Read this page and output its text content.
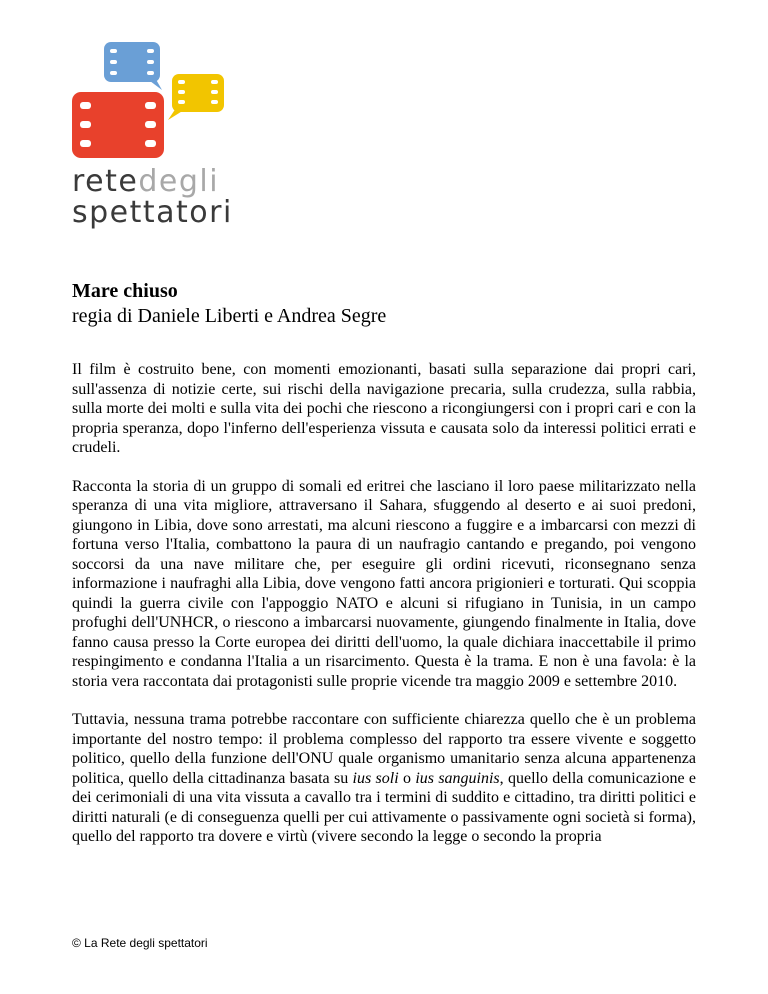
retedegli
spettatori
Mare chiuso
regia di Daniele Liberti e Andrea Segre

Il film è costruito bene, con momenti emozionanti, basati sulla separazione dai propri cari, sull'assenza di notizie certe, sui rischi della navigazione precaria, sulla crudezza, sulla rabbia, sulla morte dei molti e sulla vita dei pochi che riescono a ricongiungersi con i propri cari e con la propria speranza, dopo l'inferno dell'esperienza vissuta e causata solo da interessi politici errati e crudeli.

Racconta la storia di un gruppo di somali ed eritrei che lasciano il loro paese militarizzato nella speranza di una vita migliore, attraversano il Sahara, sfuggendo al deserto e ai suoi predoni, giungono in Libia, dove sono arrestati, ma alcuni riescono a fuggire e a imbarcarsi con mezzi di fortuna verso l'Italia, combattono la paura di un naufragio cantando e pregando, poi vengono soccorsi da una nave militare che, per eseguire gli ordini ricevuti, riconsegnano senza informazione i naufraghi alla Libia, dove vengono fatti ancora prigionieri e torturati. Qui scoppia quindi la guerra civile con l'appoggio NATO e alcuni si rifugiano in Tunisia, in un campo profughi dell'UNHCR, o riescono a imbarcarsi nuovamente, giungendo finalmente in Italia, dove fanno causa presso la Corte europea dei diritti dell'uomo, la quale dichiara inaccettabile il primo respingimento e condanna l'Italia a un risarcimento. Questa è la trama. E non è una favola: è la storia vera raccontata dai protagonisti sulle proprie vicende tra maggio 2009 e settembre 2010.

Tuttavia, nessuna trama potrebbe raccontare con sufficiente chiarezza quello che è un problema importante del nostro tempo: il problema complesso del rapporto tra essere vivente e soggetto politico, quello della funzione dell'ONU quale organismo umanitario senza alcuna appartenenza politica, quello della cittadinanza basata su ius soli o ius sanguinis, quello della comunicazione e dei cerimoniali di una vita vissuta a cavallo tra i termini di suddito e cittadino, tra diritti politici e diritti naturali (e di conseguenza quelli per cui attivamente o passivamente ogni società si forma), quello del rapporto tra dovere e virtù (vivere secondo la legge o secondo la propria

© La Rete degli spettatori
